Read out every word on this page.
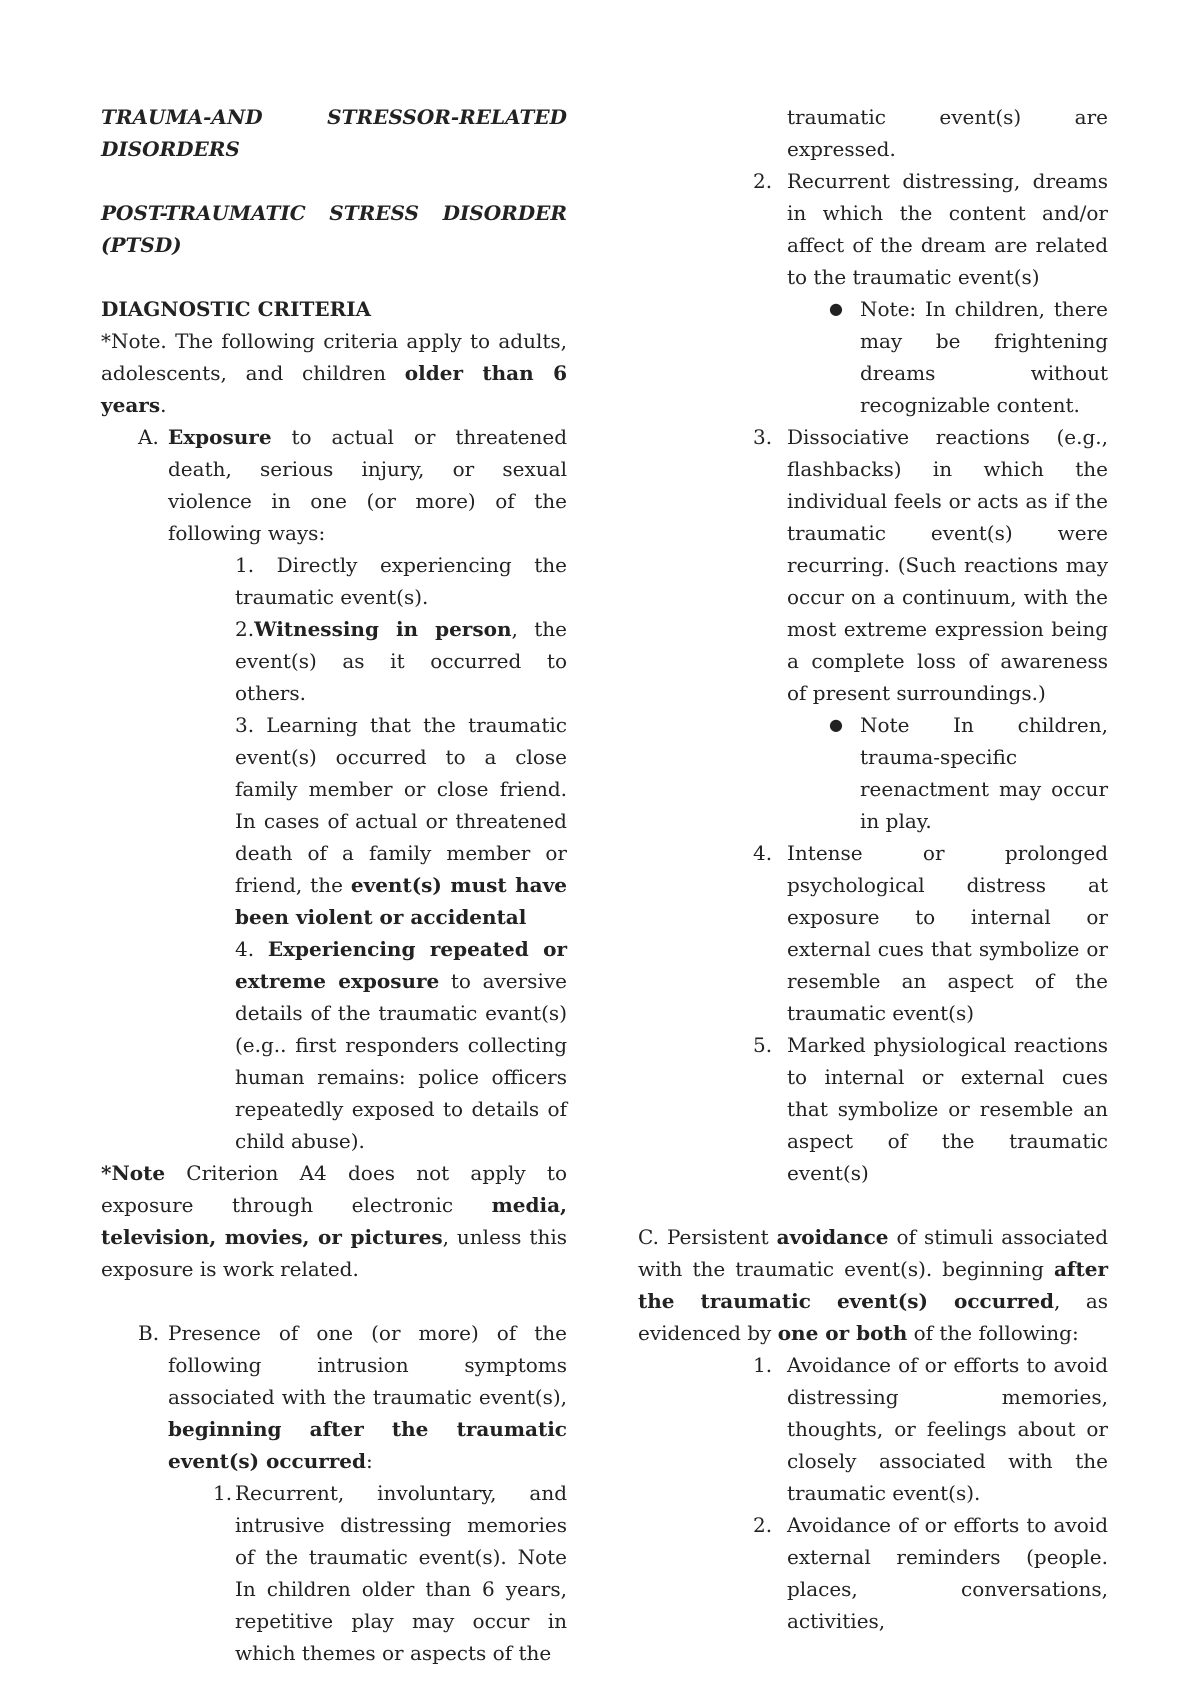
TRAUMA-AND STRESSOR-RELATED DISORDERS

POST-TRAUMATIC STRESS DISORDER (PTSD)

DIAGNOSTIC CRITERIA

*Note. The following criteria apply to adults, adolescents, and children older than 6 years.

A. Exposure to actual or threatened death, serious injury, or sexual violence in one (or more) of the following ways:

1. Directly experiencing the traumatic event(s).

2.Witnessing in person, the event(s) as it occurred to others.

3. Learning that the traumatic event(s) occurred to a close family member or close friend. In cases of actual or threatened death of a family member or friend, the event(s) must have been violent or accidental

4. Experiencing repeated or extreme exposure to aversive details of the traumatic evant(s) (e.g.. first responders collecting human remains: police officers repeatedly exposed to details of child abuse).

*Note Criterion A4 does not apply to exposure through electronic media, television, movies, or pictures, unless this exposure is work related.

B. Presence of one (or more) of the following intrusion symptoms associated with the traumatic event(s), beginning after the traumatic event(s) occurred:

1. Recurrent, involuntary, and intrusive distressing memories of the traumatic event(s). Note In children older than 6 years, repetitive play may occur in which themes or aspects of the

traumatic event(s) are expressed.

2. Recurrent distressing, dreams in which the content and/or affect of the dream are related to the traumatic event(s)

● Note: In children, there may be frightening dreams without recognizable content.

3. Dissociative reactions (e.g., flashbacks) in which the individual feels or acts as if the traumatic event(s) were recurring. (Such reactions may occur on a continuum, with the most extreme expression being a complete loss of awareness of present surroundings.)

● Note In children, trauma-specific reenactment may occur in play.

4. Intense or prolonged psychological distress at exposure to internal or external cues that symbolize or resemble an aspect of the traumatic event(s)

5. Marked physiological reactions to internal or external cues that symbolize or resemble an aspect of the traumatic event(s)

C. Persistent avoidance of stimuli associated with the traumatic event(s). beginning after the traumatic event(s) occurred, as evidenced by one or both of the following:

1. Avoidance of or efforts to avoid distressing memories, thoughts, or feelings about or closely associated with the traumatic event(s).

2. Avoidance of or efforts to avoid external reminders (people. places, conversations, activities,
